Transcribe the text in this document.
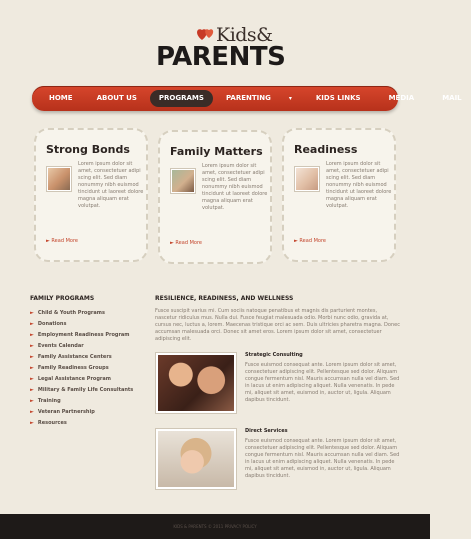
Kids&
PARENTS
HOME	ABOUT US	PROGRAMS	PARENTING	▾	KIDS LINKS	MEDIA	MAIL
Strong Bonds

Lorem ipsum dolor sit amet, consectetuer adipi scing elit. Sed diam nonummy nibh euismod tincidunt ut laoreet dolore magna aliquam erat volutpat.

► Read More
Family Matters

Lorem ipsum dolor sit amet, consectetuer adipi scing elit. Sed diam nonummy nibh euismod tincidunt ut laoreet dolore magna aliquam erat volutpat.

► Read More
Readiness

Lorem ipsum dolor sit amet, consectetuer adipi scing elit. Sed diam nonummy nibh euismod tincidunt ut laoreet dolore magna aliquam erat volutpat.

► Read More
FAMILY PROGRAMS
► Child & Youth Programs
► Donations
► Employment Readiness Program
► Events Calendar
► Family Assistance Centers
► Family Readiness Groups
► Legal Assistance Program
► Military & Family Life Consultants
► Training
► Veteran Partnership
► Resources
RESILIENCE, READINESS, AND WELLNESS

Fusce suscipit varius mi. Cum sociis natoque penatibus et magnis dis parturient montes, nascetur ridiculus mus. Nulla dui. Fusce feugiat malesuada odio. Morbi nunc odio, gravida at, cursus nec, luctus a, lorem. Maecenas tristique orci ac sem. Duis ultricies pharetra magna. Donec accumsan malesuada orci. Donec sit amet eros. Lorem ipsum dolor sit amet, consectetuer adipiscing elit.

Strategic Consulting

Fusce euismod consequat ante. Lorem ipsum dolor sit amet, consectetuer adipiscing elit. Pellentesque sed dolor. Aliquam congue fermentum nisl. Mauris accumsan nulla vel diam. Sed in lacus ut enim adipiscing aliquet. Nulla venenatis. In pede mi, aliquet sit amet, euismod in, auctor ut, ligula. Aliquam dapibus tincidunt.

Direct Services

Fusce euismod consequat ante. Lorem ipsum dolor sit amet, consectetuer adipiscing elit. Pellentesque sed dolor. Aliquam congue fermentum nisl. Mauris accumsan nulla vel diam. Sed in lacus ut enim adipiscing aliquet. Nulla venenatis. In pede mi, aliquet sit amet, euismod in, auctor ut, ligula. Aliquam dapibus tincidunt.

KIDS & PARENTS © 2011 PRIVACY POLICY
